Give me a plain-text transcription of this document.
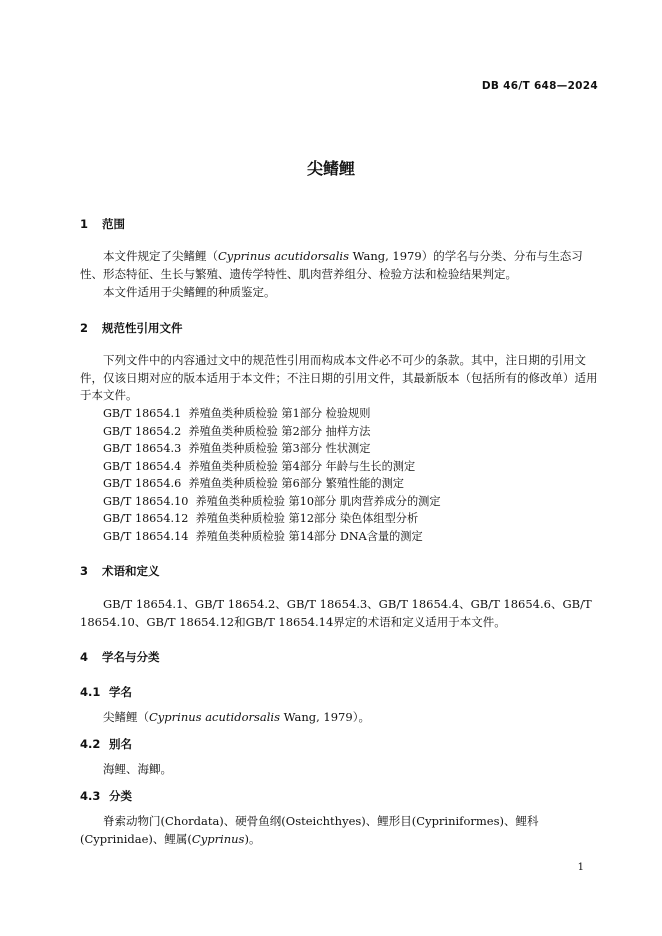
DB 46/T 648—2024
尖鳍鲤
1 范围
本文件规定了尖鳍鲤（Cyprinus acutidorsalis Wang, 1979）的学名与分类、分布与生态习性、形态特征、生长与繁殖、遗传学特性、肌肉营养组分、检验方法和检验结果判定。
本文件适用于尖鳍鲤的种质鉴定。
2 规范性引用文件
下列文件中的内容通过文中的规范性引用而构成本文件必不可少的条款。其中，注日期的引用文件，仅该日期对应的版本适用于本文件；不注日期的引用文件，其最新版本（包括所有的修改单）适用于本文件。
GB/T 18654.1 养殖鱼类种质检验 第1部分 检验规则
GB/T 18654.2 养殖鱼类种质检验 第2部分 抽样方法
GB/T 18654.3 养殖鱼类种质检验 第3部分 性状测定
GB/T 18654.4 养殖鱼类种质检验 第4部分 年龄与生长的测定
GB/T 18654.6 养殖鱼类种质检验 第6部分 繁殖性能的测定
GB/T 18654.10 养殖鱼类种质检验 第10部分 肌肉营养成分的测定
GB/T 18654.12 养殖鱼类种质检验 第12部分 染色体组型分析
GB/T 18654.14 养殖鱼类种质检验 第14部分 DNA含量的测定
3 术语和定义
GB/T 18654.1、GB/T 18654.2、GB/T 18654.3、GB/T 18654.4、GB/T 18654.6、GB/T 18654.10、GB/T 18654.12和GB/T 18654.14界定的术语和定义适用于本文件。
4 学名与分类
4.1 学名
尖鳍鲤（Cyprinus acutidorsalis Wang, 1979）。
4.2 别名
海鲤、海鲫。
4.3 分类
脊索动物门(Chordata)、硬骨鱼纲(Osteichthyes)、鲤形目(Cypriniformes)、鲤科(Cyprinidae)、鲤属(Cyprinus)。
1
